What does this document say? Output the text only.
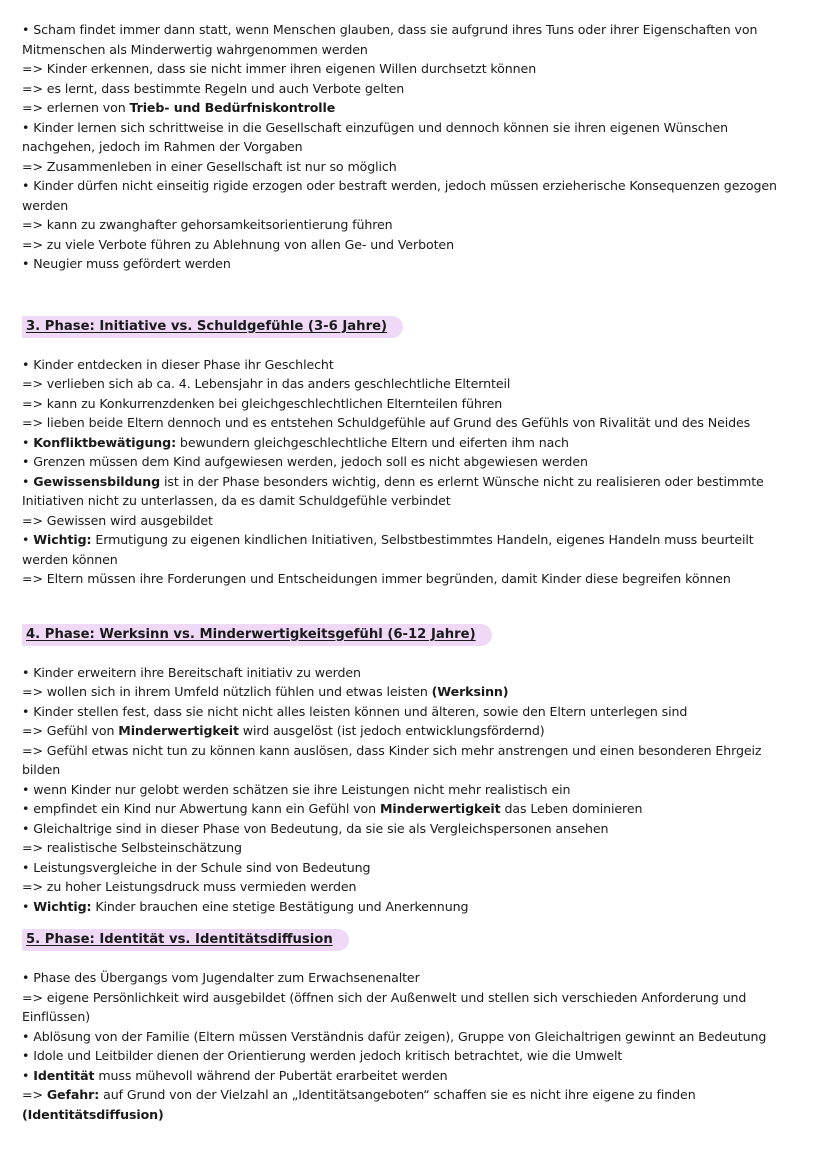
• Scham findet immer dann statt, wenn Menschen glauben, dass sie aufgrund ihres Tuns oder ihrer Eigenschaften von Mitmenschen als Minderwertig wahrgenommen werden
=> Kinder erkennen, dass sie nicht immer ihren eigenen Willen durchsetzt können
=> es lernt, dass bestimmte Regeln und auch Verbote gelten
=> erlernen von Trieb- und Bedürfniskontrolle
• Kinder lernen sich schrittweise in die Gesellschaft einzufügen und dennoch können sie ihren eigenen Wünschen nachgehen, jedoch im Rahmen der Vorgaben
=> Zusammenleben in einer Gesellschaft ist nur so möglich
• Kinder dürfen nicht einseitig rigide erzogen oder bestraft werden, jedoch müssen erzieherische Konsequenzen gezogen werden
=> kann zu zwanghafter gehorsamkeitsorientierung führen
=> zu viele Verbote führen zu Ablehnung von allen Ge- und Verboten
• Neugier muss gefördert werden
3. Phase: Initiative vs. Schuldgefühle (3-6 Jahre)
• Kinder entdecken in dieser Phase ihr Geschlecht
=> verlieben sich ab ca. 4. Lebensjahr in das anders geschlechtliche Elternteil
=> kann zu Konkurrenzdenken bei gleichgeschlechtlichen Elternteilen führen
=> lieben beide Eltern dennoch und es entstehen Schuldgefühle auf Grund des Gefühls von Rivalität und des Neides
• Konfliktbewätigung: bewundern gleichgeschlechtliche Eltern und eiferten ihm nach
• Grenzen müssen dem Kind aufgewiesen werden, jedoch soll es nicht abgewiesen werden
• Gewissensbildung ist in der Phase besonders wichtig, denn es erlernt Wünsche nicht zu realisieren oder bestimmte Initiativen nicht zu unterlassen, da es damit Schuldgefühle verbindet
=> Gewissen wird ausgebildet
• Wichtig: Ermutigung zu eigenen kindlichen Initiativen, Selbstbestimmtes Handeln, eigenes Handeln muss beurteilt werden können
=> Eltern müssen ihre Forderungen und Entscheidungen immer begründen, damit Kinder diese begreifen können
4. Phase: Werksinn vs. Minderwertigkeitsgefühl (6-12 Jahre)
• Kinder erweitern ihre Bereitschaft initiativ zu werden
=> wollen sich in ihrem Umfeld nützlich fühlen und etwas leisten (Werksinn)
• Kinder stellen fest, dass sie nicht nicht alles leisten können und älteren, sowie den Eltern unterlegen sind
=> Gefühl von Minderwertigkeit wird ausgelöst (ist jedoch entwicklungsfördernd)
=> Gefühl etwas nicht tun zu können kann auslösen, dass Kinder sich mehr anstrengen und einen besonderen Ehrgeiz bilden
• wenn Kinder nur gelobt werden schätzen sie ihre Leistungen nicht mehr realistisch ein
• empfindet ein Kind nur Abwertung kann ein Gefühl von Minderwertigkeit das Leben dominieren
• Gleichaltrige sind in dieser Phase von Bedeutung, da sie sie als Vergleichspersonen ansehen
=> realistische Selbsteinschätzung
• Leistungsvergleiche in der Schule sind von Bedeutung
=> zu hoher Leistungsdruck muss vermieden werden
• Wichtig: Kinder brauchen eine stetige Bestätigung und Anerkennung
5. Phase: Identität vs. Identitätsdiffusion
• Phase des Übergangs vom Jugendalter zum Erwachsenenalter
=> eigene Persönlichkeit wird ausgebildet (öffnen sich der Außenwelt und stellen sich verschieden Anforderung und Einflüssen)
• Ablösung von der Familie (Eltern müssen Verständnis dafür zeigen), Gruppe von Gleichaltrigen gewinnt an Bedeutung
• Idole und Leitbilder dienen der Orientierung werden jedoch kritisch betrachtet, wie die Umwelt
• Identität muss mühevoll während der Pubertät erarbeitet werden
=> Gefahr: auf Grund von der Vielzahl an „Identitätsangeboten“ schaffen sie es nicht ihre eigene zu finden
(Identitätsdiffusion)
